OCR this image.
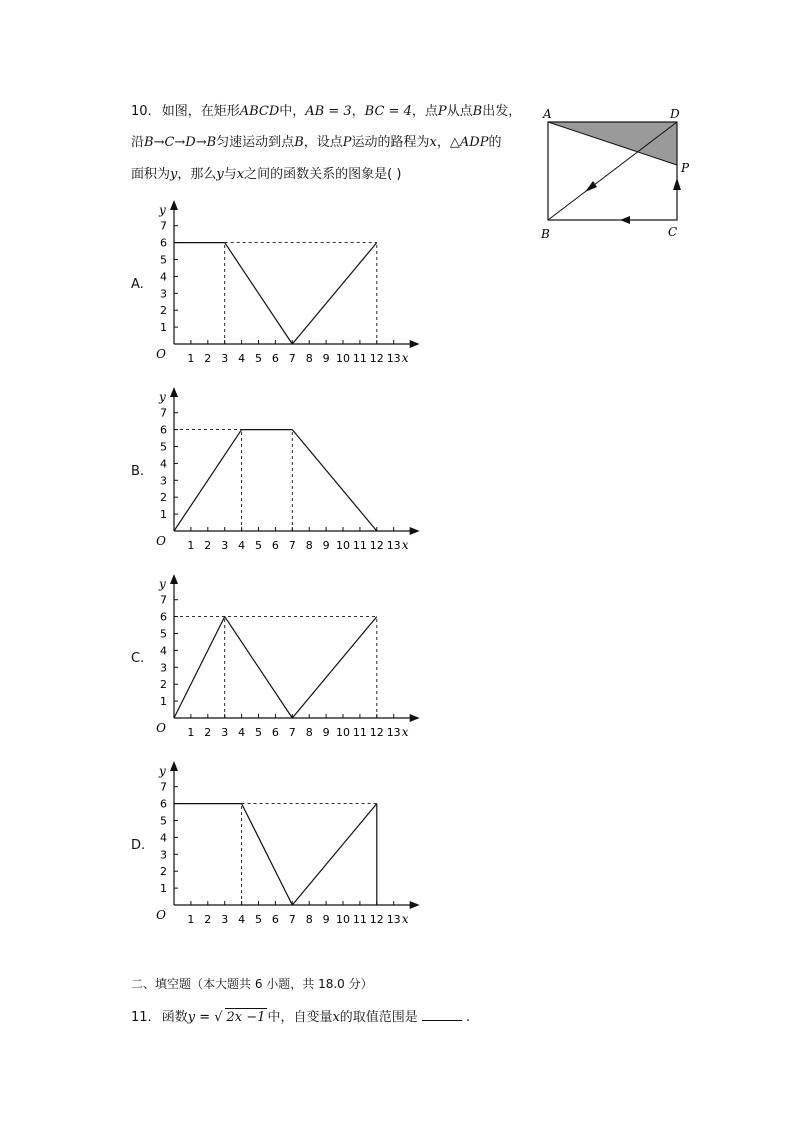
10. 如图，在矩形ABCD中，AB = 3，BC = 4，点P从点B出发，
沿B→C→D→B匀速运动到点B，设点P运动的路程为x，△ADP的
面积为y，那么y与x之间的函数关系的图象是( )
A	D
P
B	C
A.
1 2 3 4 5 6 7 8 9 10 11 12 13
1
2
3
4
5
6
7
O
y
x
B.
1 2 3 4 5 6 7 8 9 10 11 12 13
1
2
3
4
5
6
7
O
y
x
C.
1 2 3 4 5 6 7 8 9 10 11 12 13
1
2
3
4
5
6
7
O
y
x
D.
1 2 3 4 5 6 7 8 9 10 11 12 13
1
2
3
4
5
6
7
O
y
x
二、填空题（本大题共 6 小题，共 18.0 分）
11. 函数y = √ 2x −1 中，自变量x的取值范围是	.
